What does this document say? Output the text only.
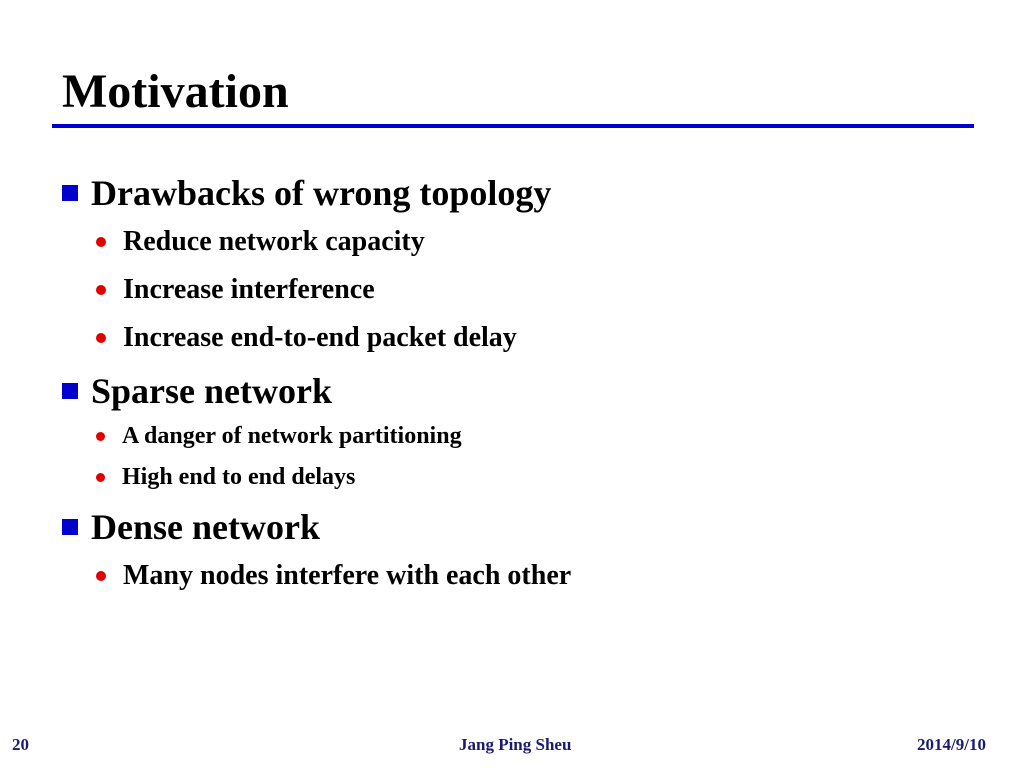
Motivation
Drawbacks of wrong topology
Reduce network capacity
Increase interference
Increase end-to-end packet delay
Sparse network
A danger of network partitioning
High end to end delays
Dense network
Many nodes interfere with each other
20	Jang Ping Sheu	2014/9/10
